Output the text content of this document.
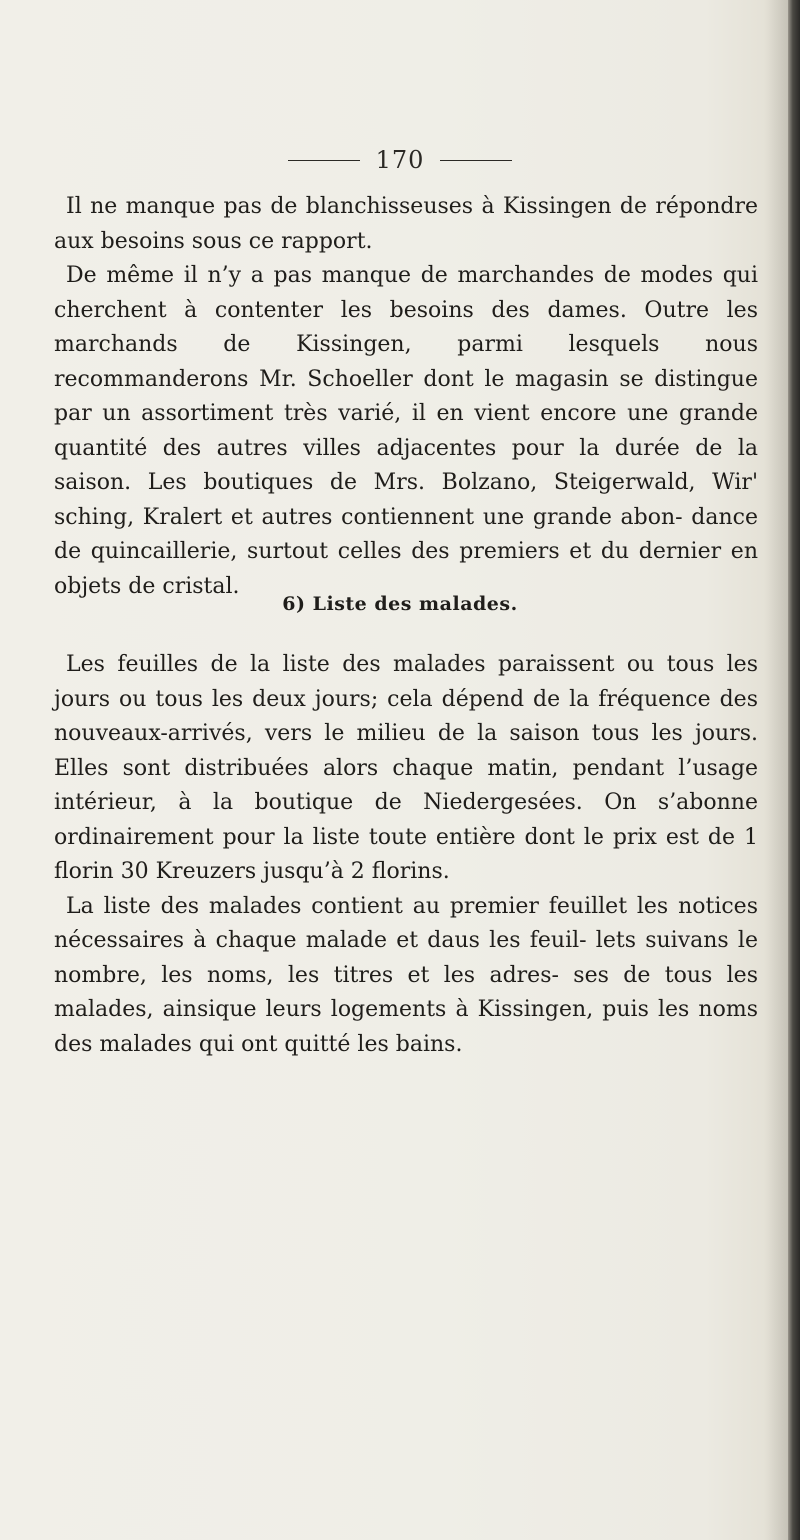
170

Il ne manque pas de blanchisseuses à Kissingen de répondre aux besoins sous ce rapport.

De même il n’y a pas manque de marchandes de modes qui cherchent à contenter les besoins des dames. Outre les marchands de Kissingen, parmi lesquels nous recommanderons Mr. Schoeller dont le magasin se distingue par un assortiment très varié, il en vient encore une grande quantité des autres villes adjacentes pour la durée de la saison. Les boutiques de Mrs. Bolzano, Steigerwald, Wir' sching, Kralert et autres contiennent une grande abon- dance de quincaillerie, surtout celles des premiers et du dernier en objets de cristal.

6) Liste des malades.

Les feuilles de la liste des malades paraissent ou tous les jours ou tous les deux jours; cela dépend de la fréquence des nouveaux-arrivés, vers le milieu de la saison tous les jours. Elles sont distribuées alors chaque matin, pendant l’usage intérieur, à la boutique de Niedergesées. On s’abonne ordinairement pour la liste toute entière dont le prix est de 1 florin 30 Kreuzers jusqu’à 2 florins.

La liste des malades contient au premier feuillet les notices nécessaires à chaque malade et daus les feuil- lets suivans le nombre, les noms, les titres et les adres- ses de tous les malades, ainsique leurs logements à Kissingen, puis les noms des malades qui ont quitté les bains.
